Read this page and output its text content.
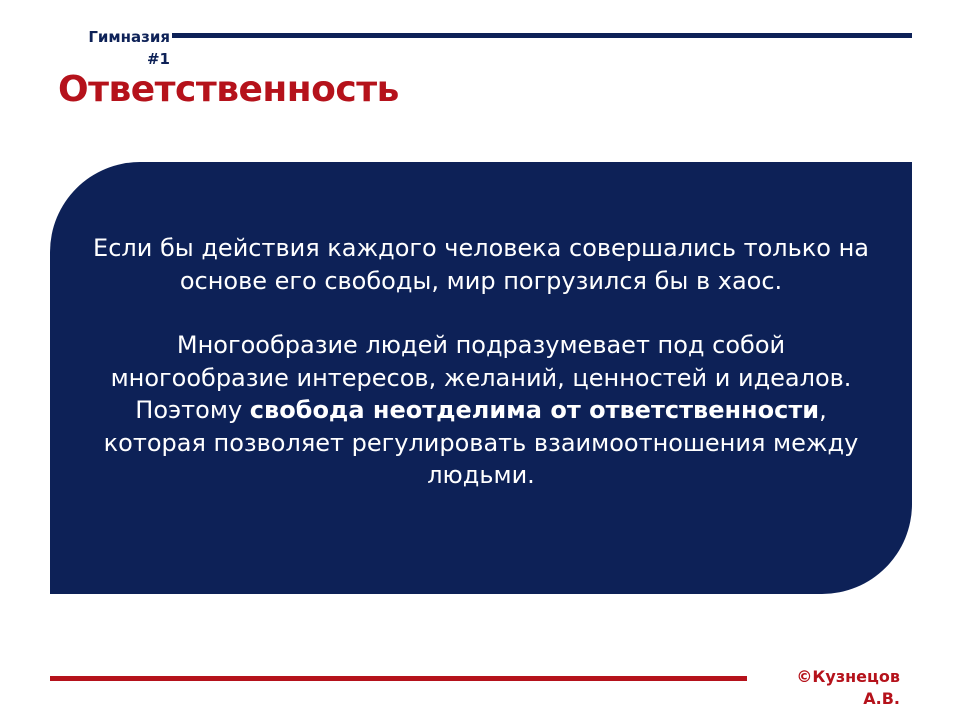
Гимназия
#1
Ответственность

Если бы действия каждого человека совершались только на основе его свободы, мир погрузился бы в хаос.

Многообразие людей подразумевает под собой многообразие интересов, желаний, ценностей и идеалов. Поэтому свобода неотделима от ответственности, которая позволяет регулировать взаимоотношения между людьми.

©Кузнецов
А.В.
